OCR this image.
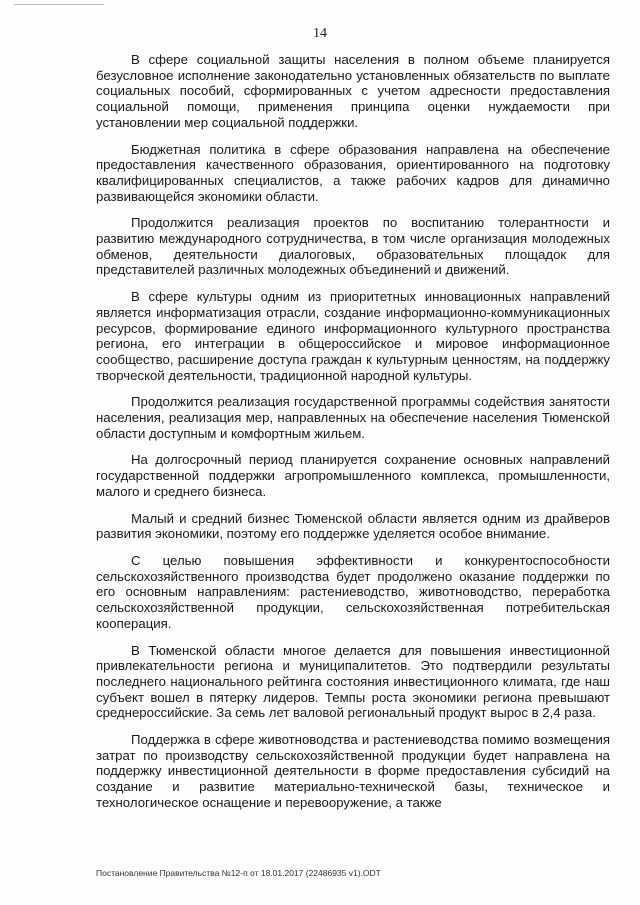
14

В сфере социальной защиты населения в полном объеме планируется безусловное исполнение законодательно установленных обязательств по выплате социальных пособий, сформированных с учетом адресности предоставления социальной помощи, применения принципа оценки нуждаемости при установлении мер социальной поддержки.

Бюджетная политика в сфере образования направлена на обеспечение предоставления качественного образования, ориентированного на подготовку квалифицированных специалистов, а также рабочих кадров для динамично развивающейся экономики области.

Продолжится реализация проектов по воспитанию толерантности и развитию международного сотрудничества, в том числе организация молодежных обменов, деятельности диалоговых, образовательных площадок для представителей различных молодежных объединений и движений.

В сфере культуры одним из приоритетных инновационных направлений является информатизация отрасли, создание информационно-коммуникационных ресурсов, формирование единого информационного культурного пространства региона, его интеграции в общероссийское и мировое информационное сообщество, расширение доступа граждан к культурным ценностям, на поддержку творческой деятельности, традиционной народной культуры.

Продолжится реализация государственной программы содействия занятости населения, реализация мер, направленных на обеспечение населения Тюменской области доступным и комфортным жильем.

На долгосрочный период планируется сохранение основных направлений государственной поддержки агропромышленного комплекса, промышленности, малого и среднего бизнеса.

Малый и средний бизнес Тюменской области является одним из драйверов развития экономики, поэтому его поддержке уделяется особое внимание.

С целью повышения эффективности и конкурентоспособности сельскохозяйственного производства будет продолжено оказание поддержки по его основным направлениям: растениеводство, животноводство, переработка сельскохозяйственной продукции, сельскохозяйственная потребительская кооперация.

В Тюменской области многое делается для повышения инвестиционной привлекательности региона и муниципалитетов. Это подтвердили результаты последнего национального рейтинга состояния инвестиционного климата, где наш субъект вошел в пятерку лидеров. Темпы роста экономики региона превышают среднероссийские. За семь лет валовой региональный продукт вырос в 2,4 раза.

Поддержка в сфере животноводства и растениеводства помимо возмещения затрат по производству сельскохозяйственной продукции будет направлена на поддержку инвестиционной деятельности в форме предоставления субсидий на создание и развитие материально-технической базы, техническое и технологическое оснащение и перевооружение, а также

Постановление Правительства №12-п от 18.01.2017 (22486935 v1).ODT
